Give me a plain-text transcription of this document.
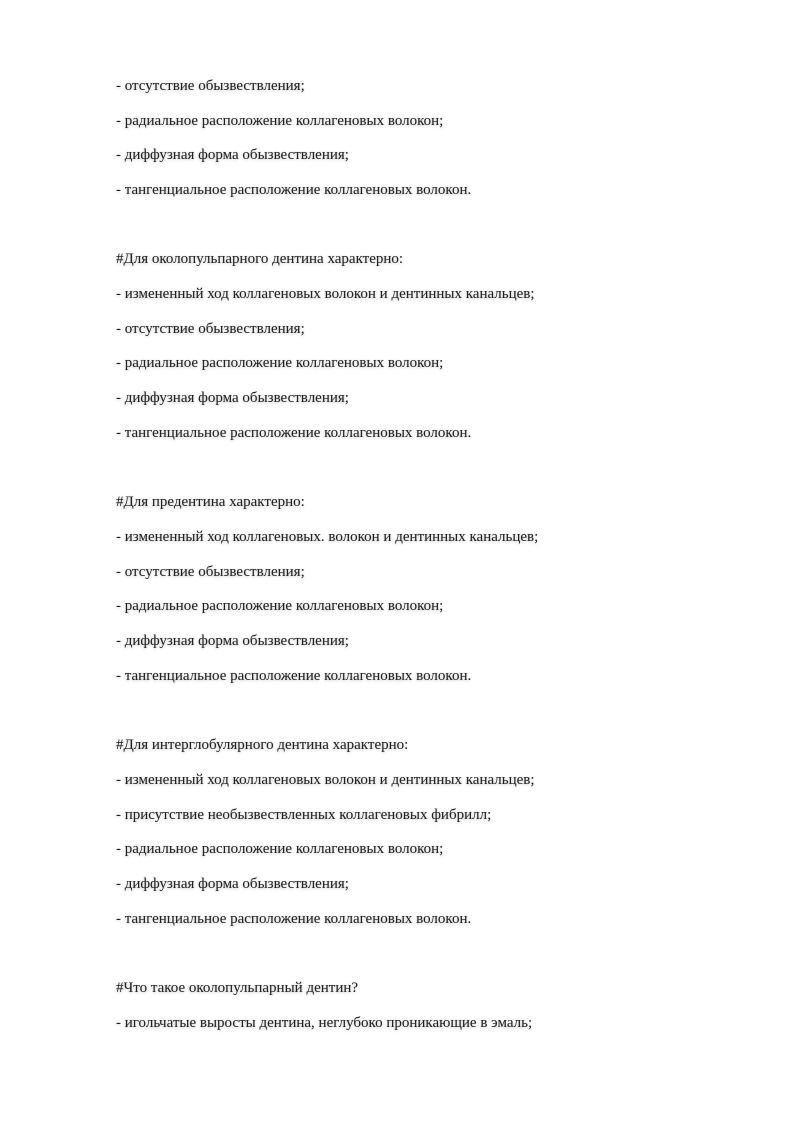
- отсутствие обызвествления;
- радиальное расположение коллагеновых волокон;
- диффузная форма обызвествления;
- тангенциальное расположение коллагеновых волокон.
#Для околопульпарного дентина характерно:
- измененный ход коллагеновых волокон и дентинных канальцев;
- отсутствие обызвествления;
- радиальное расположение коллагеновых волокон;
- диффузная форма обызвествления;
- тангенциальное расположение коллагеновых волокон.
#Для предентина характерно:
- измененный ход коллагеновых. волокон и дентинных канальцев;
- отсутствие обызвествления;
- радиальное расположение коллагеновых волокон;
- диффузная форма обызвествления;
- тангенциальное расположение коллагеновых волокон.
#Для интерглобулярного дентина характерно:
- измененный ход коллагеновых волокон и дентинных канальцев;
- присутствие необызвествленных коллагеновых фибрилл;
- радиальное расположение коллагеновых волокон;
- диффузная форма обызвествления;
- тангенциальное расположение коллагеновых волокон.
#Что такое околопульпарный дентин?
- игольчатые выросты дентина, неглубоко проникающие в эмаль;
